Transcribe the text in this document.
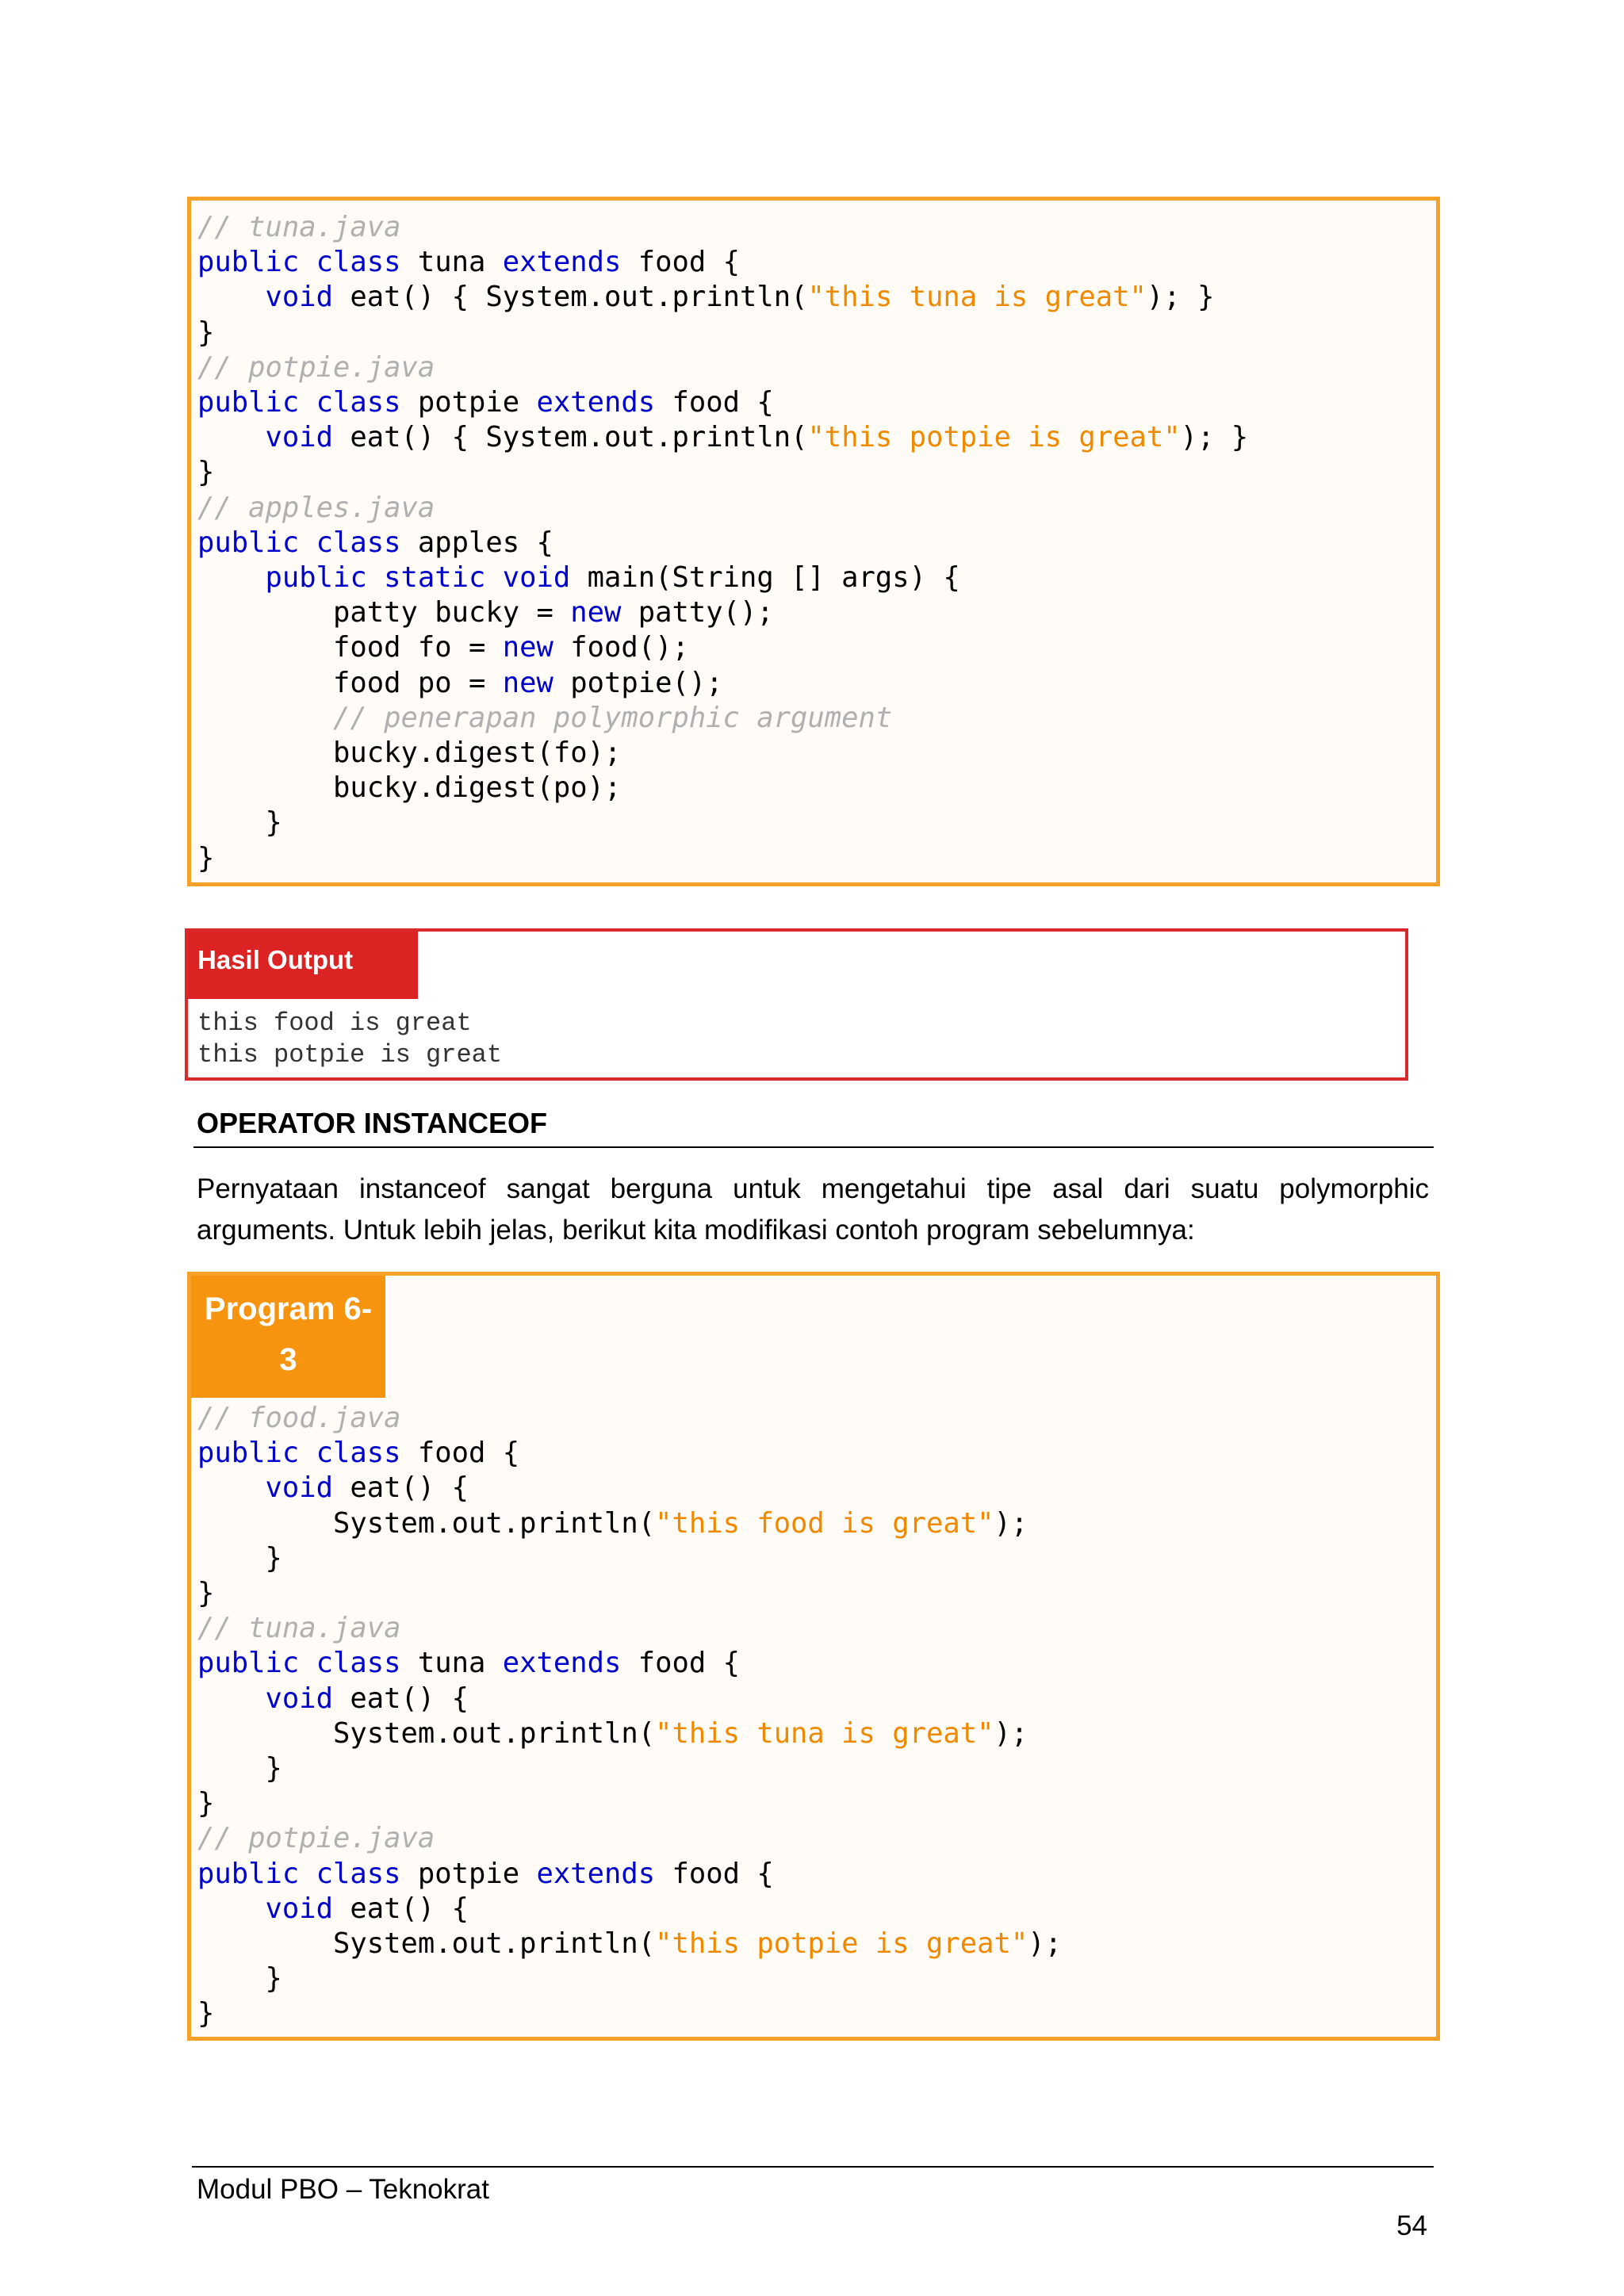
// tuna.java
public class tuna extends food {
void eat() { System.out.println("this tuna is great"); }
}
// potpie.java
public class potpie extends food {
void eat() { System.out.println("this potpie is great"); }
}
// apples.java
public class apples {
public static void main(String [] args) {
patty bucky = new patty();
food fo = new food();
food po = new potpie();
// penerapan polymorphic argument
bucky.digest(fo);
bucky.digest(po);
}
}
Hasil Output
this food is great
this potpie is great
OPERATOR INSTANCEOF
Pernyataan instanceof sangat berguna untuk mengetahui tipe asal dari suatu polymorphic arguments. Untuk lebih jelas, berikut kita modifikasi contoh program sebelumnya:
Program 6-
3
// food.java
public class food {
void eat() {
System.out.println("this food is great");
}
}
// tuna.java
public class tuna extends food {
void eat() {
System.out.println("this tuna is great");
}
}
// potpie.java
public class potpie extends food {
void eat() {
System.out.println("this potpie is great");
}
}
Modul PBO – Teknokrat
54
